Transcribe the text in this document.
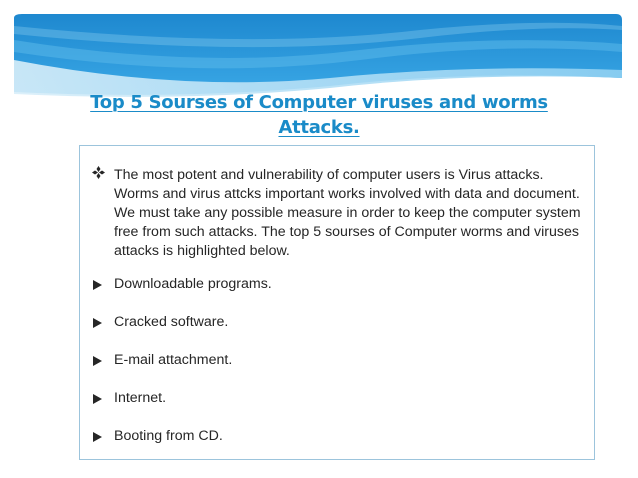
Top 5 Sourses of Computer viruses and worms Attacks.

The most potent and vulnerability of computer users is Virus attacks. Worms and virus attcks important works involved with data and document. We must take any possible measure in order to keep the computer system free from such attacks. The top 5 sourses of Computer worms and viruses attacks is highlighted below.

Downloadable programs.
Cracked software.
E-mail attachment.
Internet.
Booting from CD.
